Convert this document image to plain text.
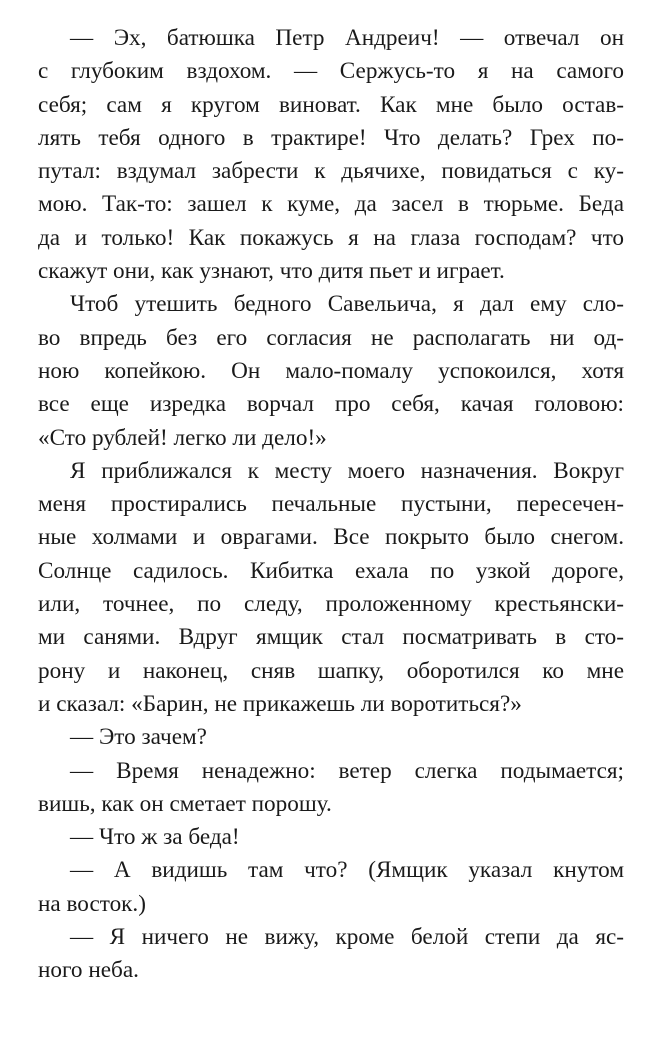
— Эх, батюшка Петр Андреич! — отвечал он
с глубоким вздохом. — Сержусь-то я на самого
себя; сам я кругом виноват. Как мне было остав-
лять тебя одного в трактире! Что делать? Грех по-
путал: вздумал забрести к дьячихе, повидаться с ку-
мою. Так-то: зашел к куме, да засел в тюрьме. Беда
да и только! Как покажусь я на глаза господам? что
скажут они, как узнают, что дитя пьет и играет.
Чтоб утешить бедного Савельича, я дал ему сло-
во впредь без его согласия не располагать ни од-
ною копейкою. Он мало-помалу успокоился, хотя
все еще изредка ворчал про себя, качая головою:
«Сто рублей! легко ли дело!»
Я приближался к месту моего назначения. Вокруг
меня простирались печальные пустыни, пересечен-
ные холмами и оврагами. Все покрыто было снегом.
Солнце садилось. Кибитка ехала по узкой дороге,
или, точнее, по следу, проложенному крестьянски-
ми санями. Вдруг ямщик стал посматривать в сто-
рону и наконец, сняв шапку, оборотился ко мне
и сказал: «Барин, не прикажешь ли воротиться?»
— Это зачем?
— Время ненадежно: ветер слегка подымается;
вишь, как он сметает порошу.
— Что ж за беда!
— А видишь там что? (Ямщик указал кнутом
на восток.)
— Я ничего не вижу, кроме белой степи да яс-
ного неба.
